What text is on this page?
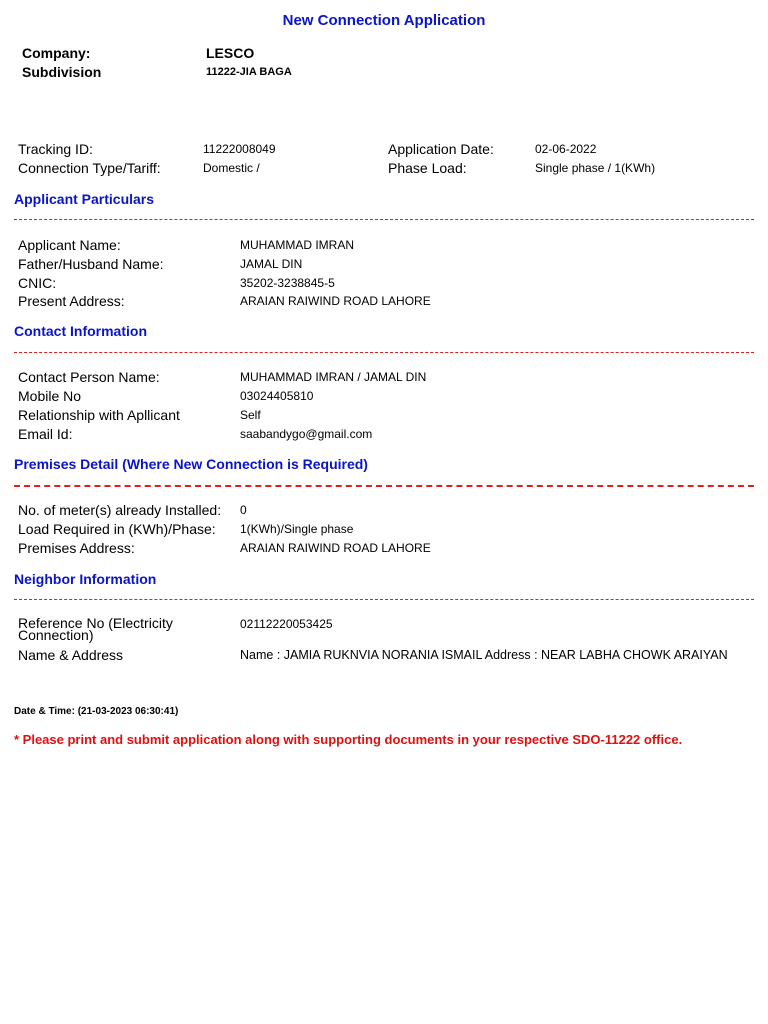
New Connection Application
Company:	LESCO
Subdivision	11222-JIA BAGA
Tracking ID:	11222008049
Connection Type/Tariff:	Domestic /
Application Date:	02-06-2022
Phase Load:	Single phase / 1(KWh)
Applicant Particulars
Applicant Name:	MUHAMMAD IMRAN
Father/Husband Name:	JAMAL DIN
CNIC:	35202-3238845-5
Present Address:	ARAIAN RAIWIND ROAD LAHORE
Contact Information
Contact Person Name:	MUHAMMAD IMRAN / JAMAL DIN
Mobile No	03024405810
Relationship with Apllicant	Self
Email Id:	saabandygo@gmail.com
Premises Detail (Where New Connection is Required)
No. of meter(s) already Installed: 0
Load Required in (KWh)/Phase: 1(KWh)/Single phase
Premises Address:	ARAIAN RAIWIND ROAD LAHORE
Neighbor Information
Reference No (Electricity Connection)
02112220053425
Name & Address	Name : JAMIA RUKNVIA NORANIA ISMAIL Address : NEAR LABHA CHOWK ARAIYAN
Date & Time: (21-03-2023 06:30:41)
* Please print and submit application along with supporting documents in your respective SDO-11222 office.
